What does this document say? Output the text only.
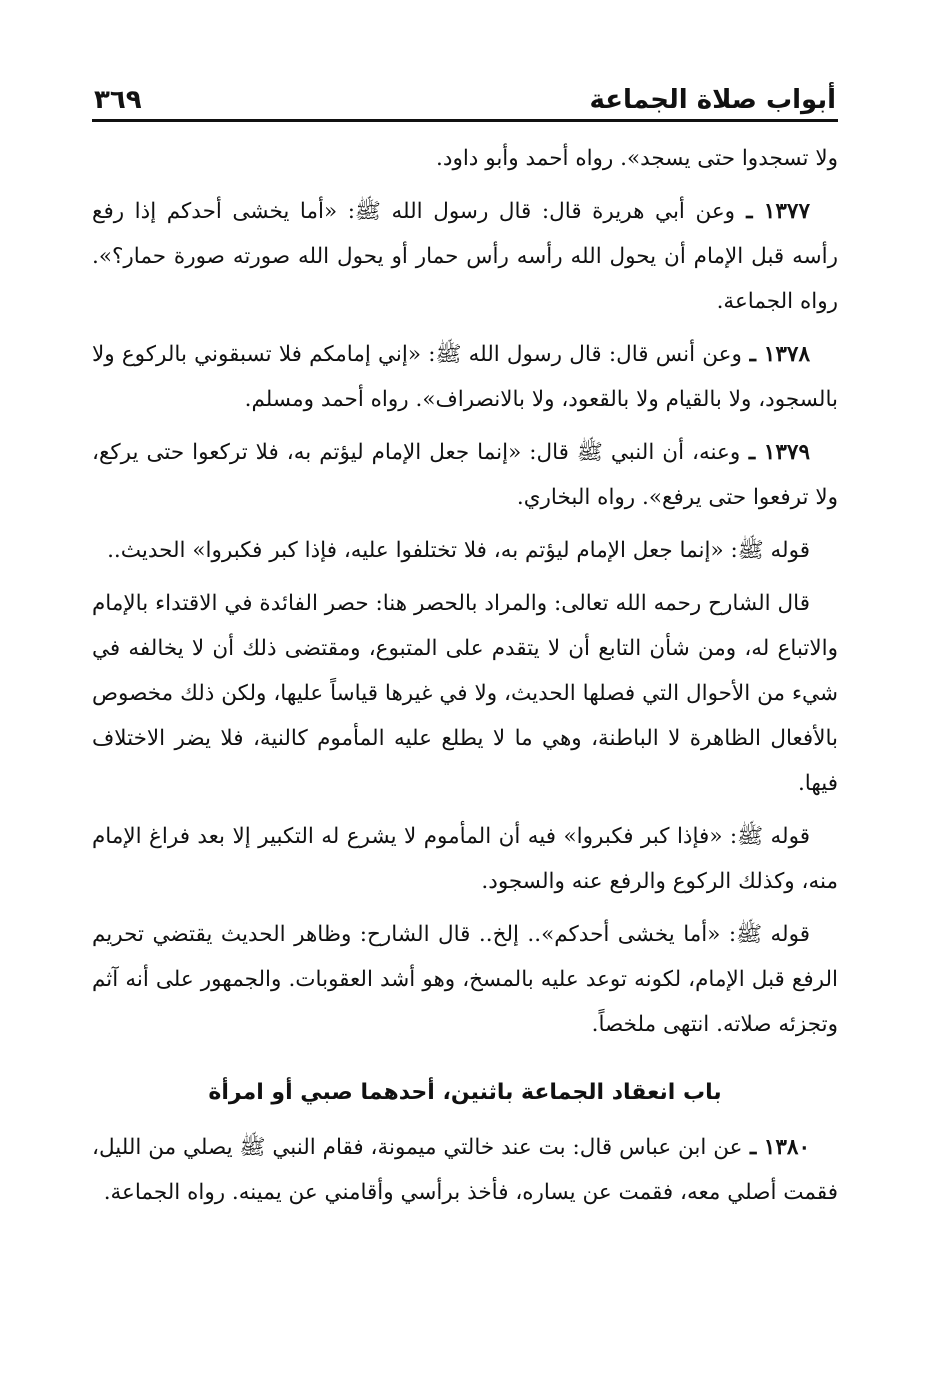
أبواب صلاة الجماعة
٣٦٩

ولا تسجدوا حتى يسجد». رواه أحمد وأبو داود.

١٣٧٧ ـ وعن أبي هريرة قال: قال رسول الله ﷺ: «أما يخشى أحدكم إذا رفع رأسه قبل الإمام أن يحول الله رأسه رأس حمار أو يحول الله صورته صورة حمار؟». رواه الجماعة.

١٣٧٨ ـ وعن أنس قال: قال رسول الله ﷺ: «إني إمامكم فلا تسبقوني بالركوع ولا بالسجود، ولا بالقيام ولا بالقعود، ولا بالانصراف». رواه أحمد ومسلم.

١٣٧٩ ـ وعنه، أن النبي ﷺ قال: «إنما جعل الإمام ليؤتم به، فلا تركعوا حتى يركع، ولا ترفعوا حتى يرفع». رواه البخاري.

قوله ﷺ: «إنما جعل الإمام ليؤتم به، فلا تختلفوا عليه، فإذا كبر فكبروا» الحديث..

قال الشارح رحمه الله تعالى: والمراد بالحصر هنا: حصر الفائدة في الاقتداء بالإمام والاتباع له، ومن شأن التابع أن لا يتقدم على المتبوع، ومقتضى ذلك أن لا يخالفه في شيء من الأحوال التي فصلها الحديث، ولا في غيرها قياساً عليها، ولكن ذلك مخصوص بالأفعال الظاهرة لا الباطنة، وهي ما لا يطلع عليه المأموم كالنية، فلا يضر الاختلاف فيها.

قوله ﷺ: «فإذا كبر فكبروا» فيه أن المأموم لا يشرع له التكبير إلا بعد فراغ الإمام منه، وكذلك الركوع والرفع عنه والسجود.

قوله ﷺ: «أما يخشى أحدكم».. إلخ.. قال الشارح: وظاهر الحديث يقتضي تحريم الرفع قبل الإمام، لكونه توعد عليه بالمسخ، وهو أشد العقوبات. والجمهور على أنه آثم وتجزئه صلاته. انتهى ملخصاً.

باب انعقاد الجماعة باثنين، أحدهما صبي أو امرأة

١٣٨٠ ـ عن ابن عباس قال: بت عند خالتي ميمونة، فقام النبي ﷺ يصلي من الليل، فقمت أصلي معه، فقمت عن يساره، فأخذ برأسي وأقامني عن يمينه. رواه الجماعة.
